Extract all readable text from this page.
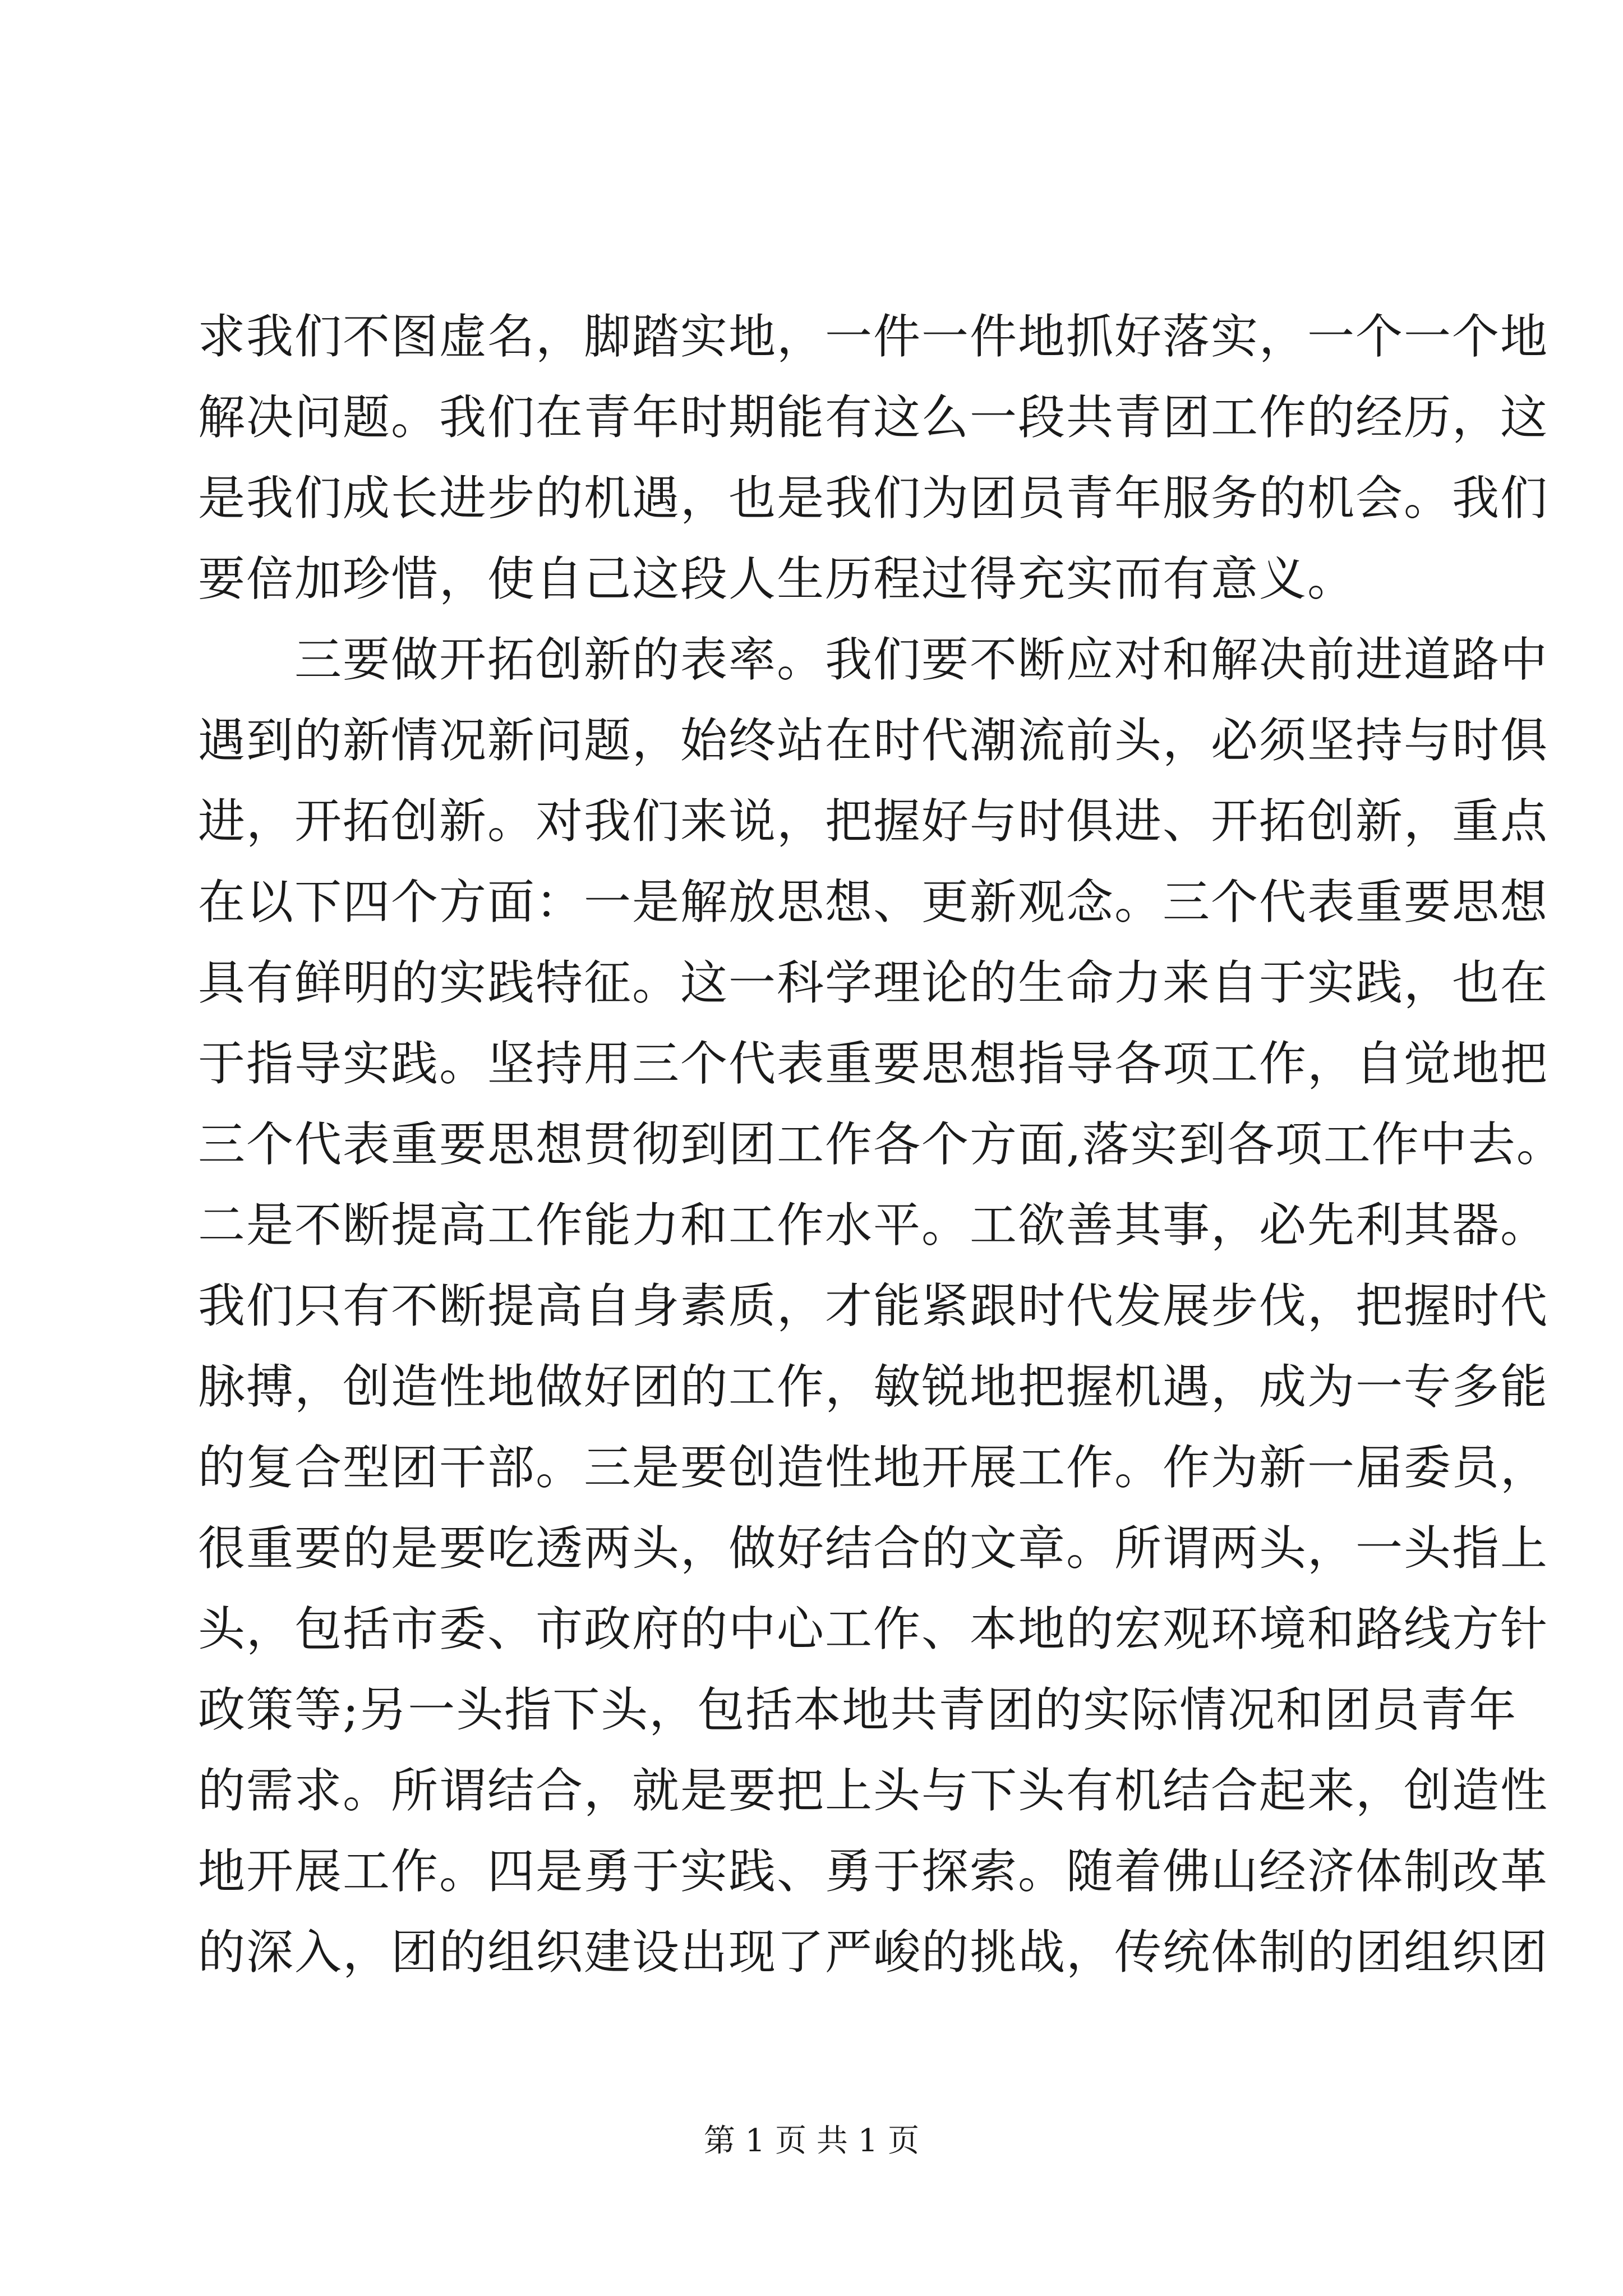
求我们不图虚名，脚踏实地，一件一件地抓好落实，一个一个地
解决问题。我们在青年时期能有这么一段共青团工作的经历，这
是我们成长进步的机遇，也是我们为团员青年服务的机会。我们
要倍加珍惜，使自己这段人生历程过得充实而有意义。
　　三要做开拓创新的表率。我们要不断应对和解决前进道路中
遇到的新情况新问题，始终站在时代潮流前头，必须坚持与时俱
进，开拓创新。对我们来说，把握好与时俱进、开拓创新，重点
在以下四个方面：一是解放思想、更新观念。三个代表重要思想
具有鲜明的实践特征。这一科学理论的生命力来自于实践，也在
于指导实践。坚持用三个代表重要思想指导各项工作，自觉地把
三个代表重要思想贯彻到团工作各个方面,落实到各项工作中去。
二是不断提高工作能力和工作水平。工欲善其事，必先利其器。
我们只有不断提高自身素质，才能紧跟时代发展步伐，把握时代
脉搏，创造性地做好团的工作，敏锐地把握机遇，成为一专多能
的复合型团干部。三是要创造性地开展工作。作为新一届委员，
很重要的是要吃透两头，做好结合的文章。所谓两头，一头指上
头，包括市委、市政府的中心工作、本地的宏观环境和路线方针
政策等;另一头指下头，包括本地共青团的实际情况和团员青年
的需求。所谓结合，就是要把上头与下头有机结合起来，创造性
地开展工作。四是勇于实践、勇于探索。随着佛山经济体制改革
的深入，团的组织建设出现了严峻的挑战，传统体制的团组织团
第 1 页 共 1 页
